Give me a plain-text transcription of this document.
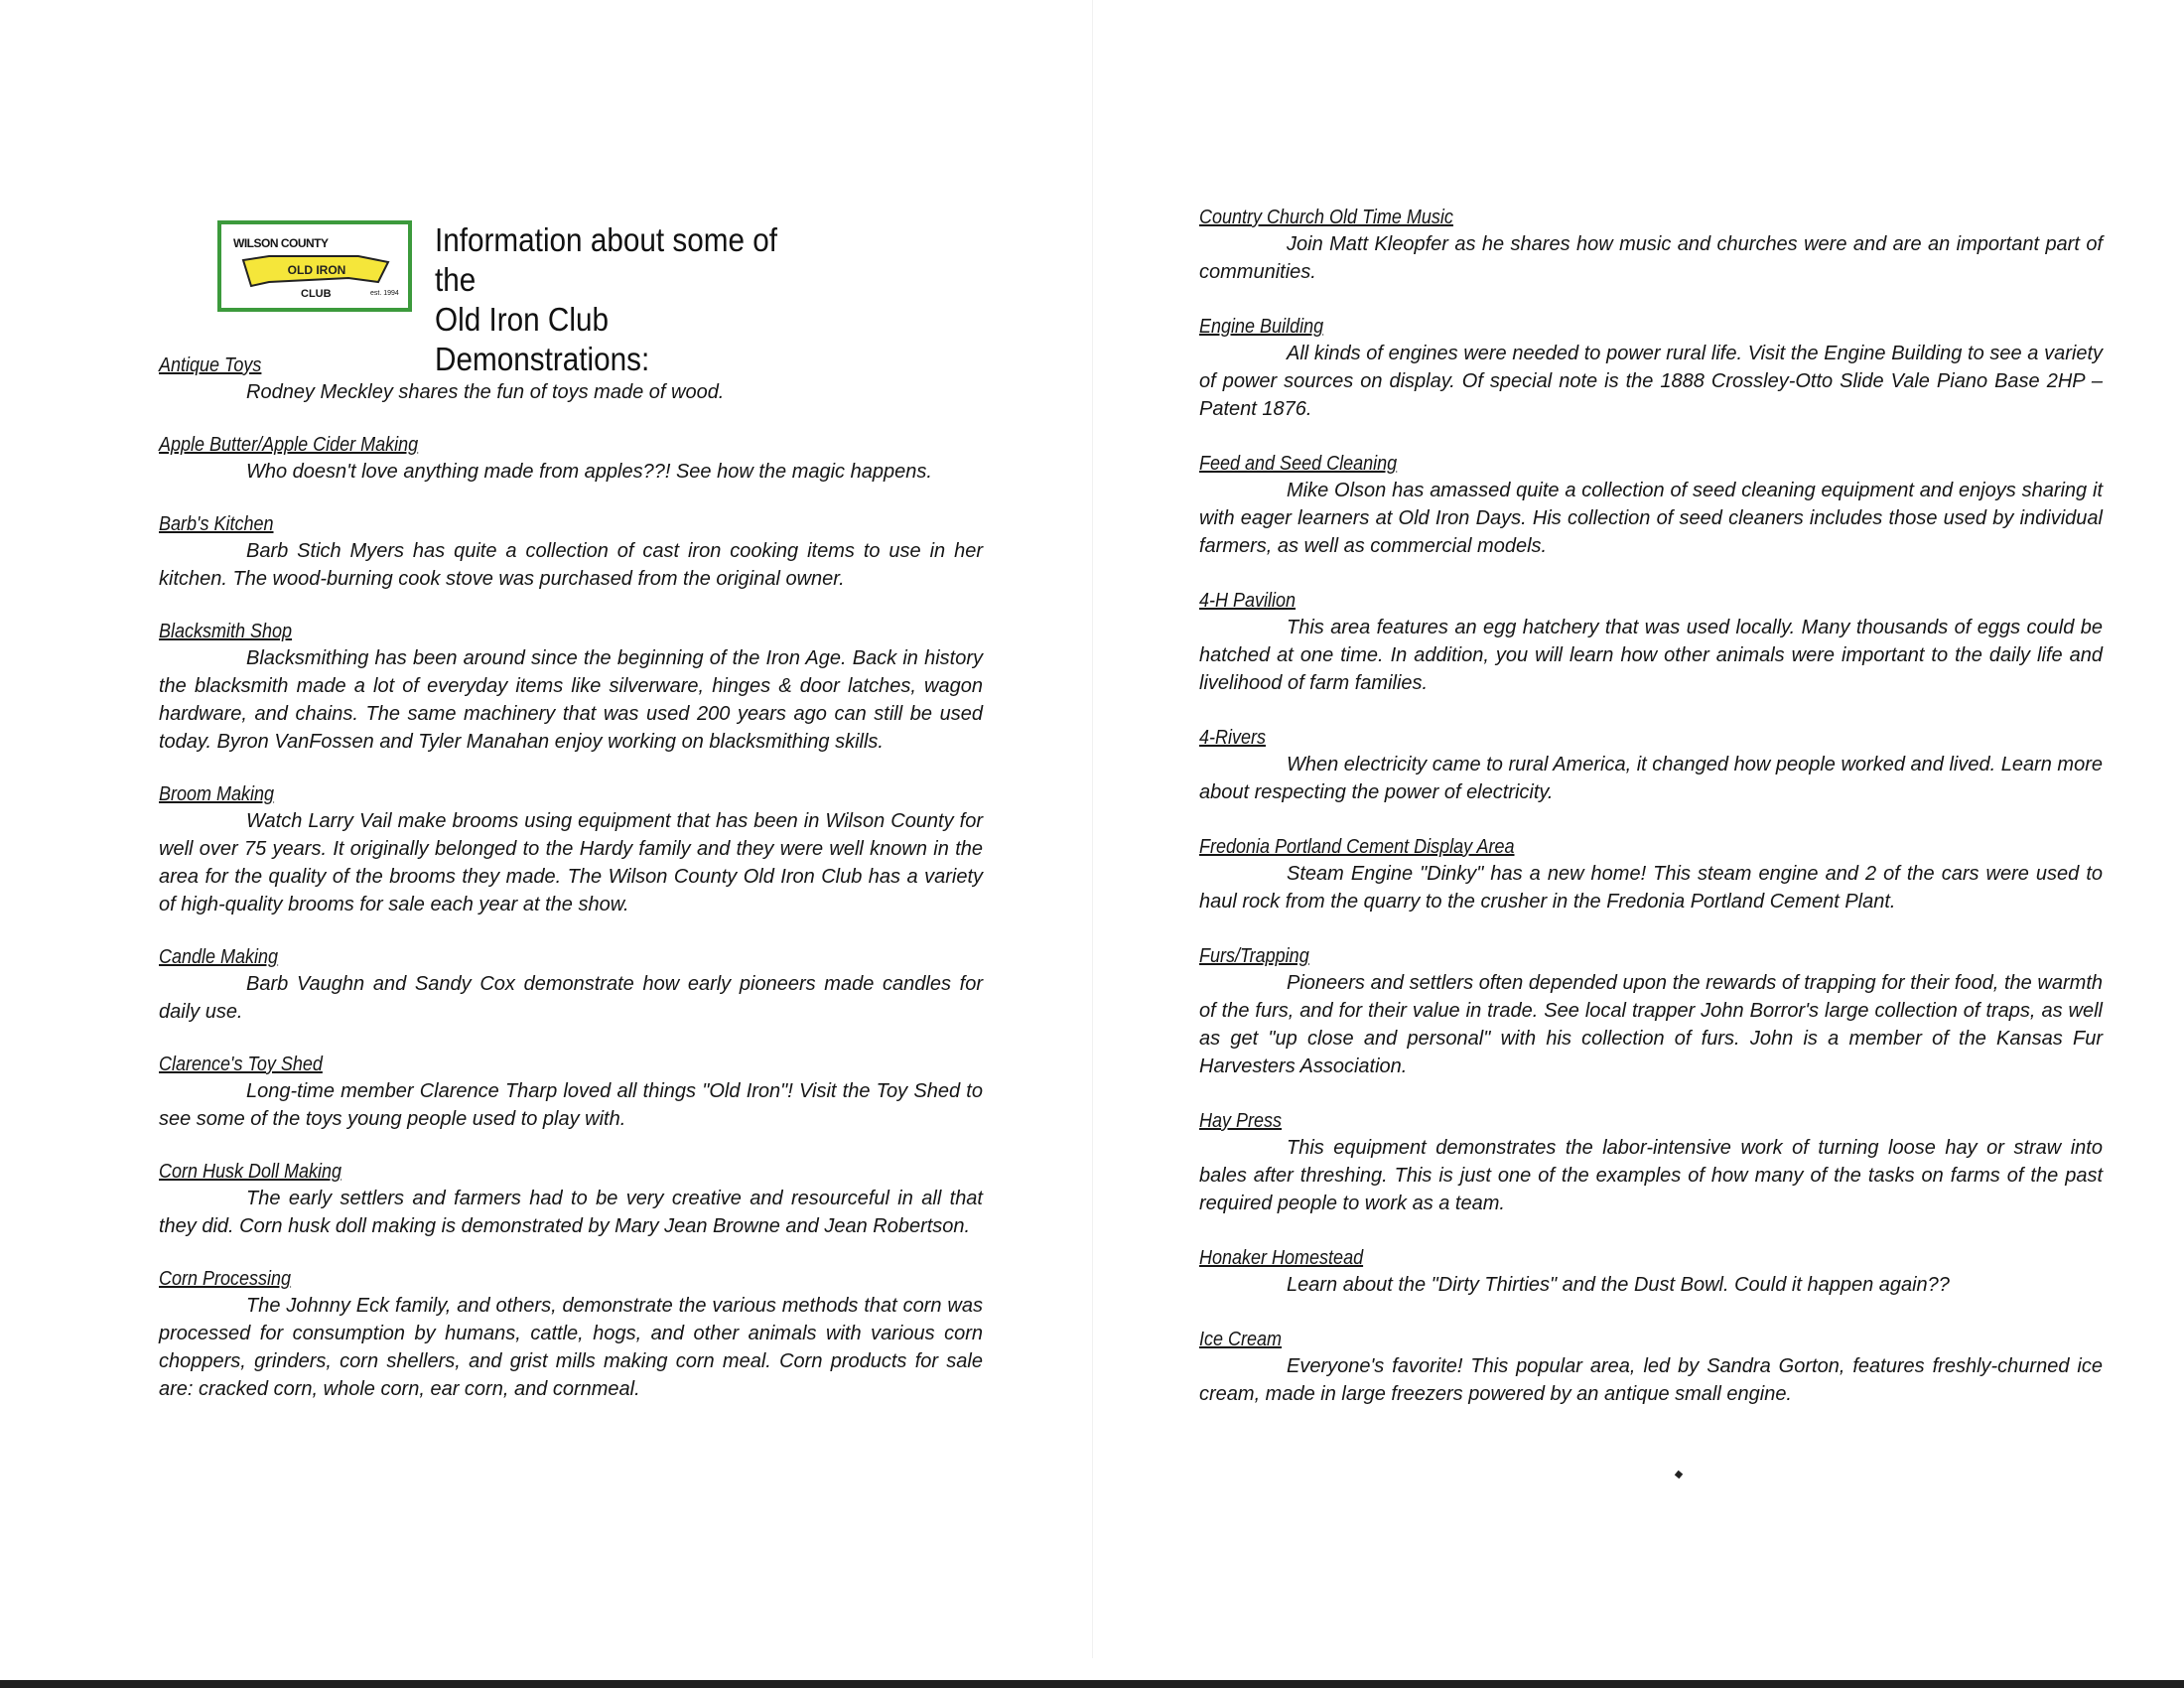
WILSON COUNTY
OLD IRON
CLUB	est. 1994
Information about some of the
Old Iron Club Demonstrations:
Antique Toys

Rodney Meckley shares the fun of toys made of wood.

Apple Butter/Apple Cider Making

Who doesn't love anything made from apples??! See how the magic happens.

Barb's Kitchen

Barb Stich Myers has quite a collection of cast iron cooking items to use in her kitchen. The wood-burning cook stove was purchased from the original owner.

Blacksmith Shop

Blacksmithing has been around since the beginning of the Iron Age. Back in history the blacksmith made a lot of everyday items like silverware, hinges & door latches, wagon hardware, and chains. The same machinery that was used 200 years ago can still be used today. Byron VanFossen and Tyler Manahan enjoy working on blacksmithing skills.

Broom Making

Watch Larry Vail make brooms using equipment that has been in Wilson County for well over 75 years. It originally belonged to the Hardy family and they were well known in the area for the quality of the brooms they made. The Wilson County Old Iron Club has a variety of high-quality brooms for sale each year at the show.

Candle Making

Barb Vaughn and Sandy Cox demonstrate how early pioneers made candles for daily use.

Clarence's Toy Shed

Long-time member Clarence Tharp loved all things "Old Iron"! Visit the Toy Shed to see some of the toys young people used to play with.

Corn Husk Doll Making

The early settlers and farmers had to be very creative and resourceful in all that they did. Corn husk doll making is demonstrated by Mary Jean Browne and Jean Robertson.

Corn Processing

The Johnny Eck family, and others, demonstrate the various methods that corn was processed for consumption by humans, cattle, hogs, and other animals with various corn choppers, grinders, corn shellers, and grist mills making corn meal. Corn products for sale are: cracked corn, whole corn, ear corn, and cornmeal.

Country Church Old Time Music

Join Matt Kleopfer as he shares how music and churches were and are an important part of communities.

Engine Building

All kinds of engines were needed to power rural life. Visit the Engine Building to see a variety of power sources on display. Of special note is the 1888 Crossley-Otto Slide Vale Piano Base 2HP – Patent 1876.

Feed and Seed Cleaning

Mike Olson has amassed quite a collection of seed cleaning equipment and enjoys sharing it with eager learners at Old Iron Days. His collection of seed cleaners includes those used by individual farmers, as well as commercial models.

4-H Pavilion

This area features an egg hatchery that was used locally. Many thousands of eggs could be hatched at one time. In addition, you will learn how other animals were important to the daily life and livelihood of farm families.

4-Rivers

When electricity came to rural America, it changed how people worked and lived. Learn more about respecting the power of electricity.

Fredonia Portland Cement Display Area

Steam Engine "Dinky" has a new home! This steam engine and 2 of the cars were used to haul rock from the quarry to the crusher in the Fredonia Portland Cement Plant.

Furs/Trapping

Pioneers and settlers often depended upon the rewards of trapping for their food, the warmth of the furs, and for their value in trade. See local trapper John Borror's large collection of traps, as well as get "up close and personal" with his collection of furs. John is a member of the Kansas Fur Harvesters Association.

Hay Press

This equipment demonstrates the labor-intensive work of turning loose hay or straw into bales after threshing. This is just one of the examples of how many of the tasks on farms of the past required people to work as a team.

Honaker Homestead

Learn about the "Dirty Thirties" and the Dust Bowl. Could it happen again??

Ice Cream

Everyone's favorite! This popular area, led by Sandra Gorton, features freshly-churned ice cream, made in large freezers powered by an antique small engine.
